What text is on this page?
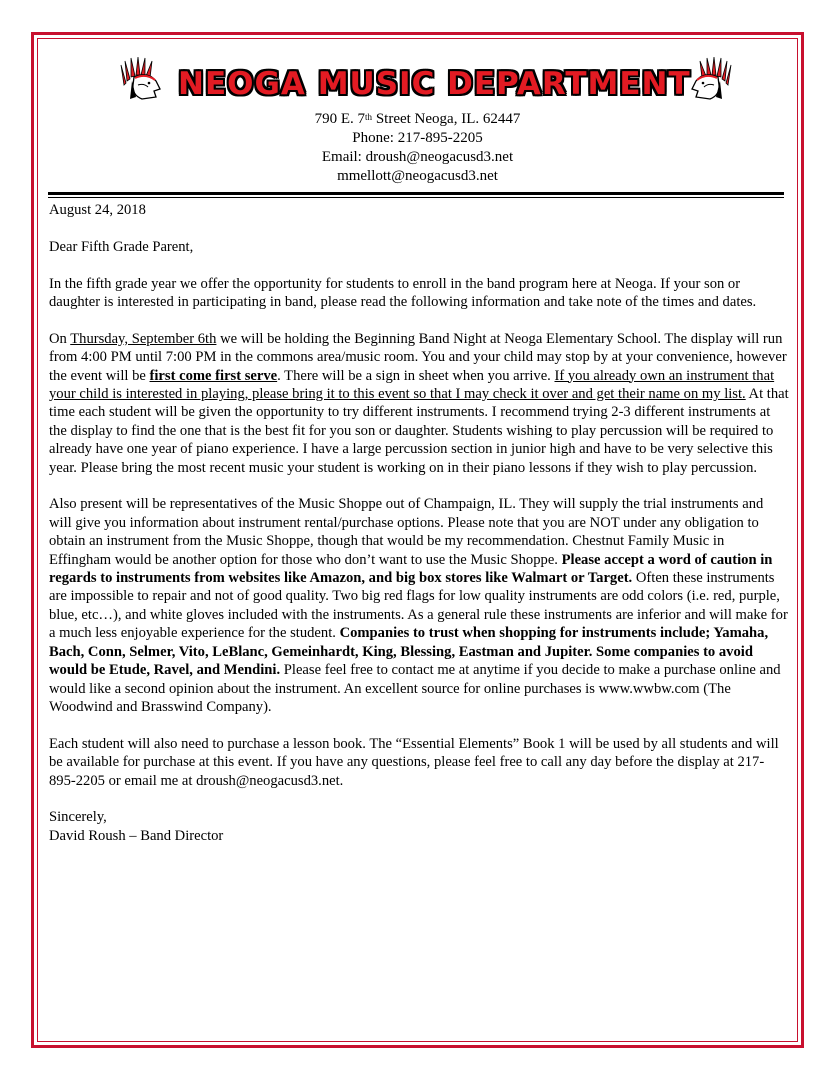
NEOGA MUSIC DEPARTMENT
790 E. 7th Street Neoga, IL. 62447
Phone: 217-895-2205
Email: droush@neogacusd3.net
mmellott@neogacusd3.net

August 24, 2018

Dear Fifth Grade Parent,

In the fifth grade year we offer the opportunity for students to enroll in the band program here at Neoga. If your son or daughter is interested in participating in band, please read the following information and take note of the times and dates.

On Thursday, September 6th we will be holding the Beginning Band Night at Neoga Elementary School. The display will run from 4:00 PM until 7:00 PM in the commons area/music room. You and your child may stop by at your convenience, however the event will be first come first serve. There will be a sign in sheet when you arrive. If you already own an instrument that your child is interested in playing, please bring it to this event so that I may check it over and get their name on my list. At that time each student will be given the opportunity to try different instruments. I recommend trying 2-3 different instruments at the display to find the one that is the best fit for you son or daughter. Students wishing to play percussion will be required to already have one year of piano experience. I have a large percussion section in junior high and have to be very selective this year. Please bring the most recent music your student is working on in their piano lessons if they wish to play percussion.

Also present will be representatives of the Music Shoppe out of Champaign, IL. They will supply the trial instruments and will give you information about instrument rental/purchase options. Please note that you are NOT under any obligation to obtain an instrument from the Music Shoppe, though that would be my recommendation. Chestnut Family Music in Effingham would be another option for those who don’t want to use the Music Shoppe. Please accept a word of caution in regards to instruments from websites like Amazon, and big box stores like Walmart or Target. Often these instruments are impossible to repair and not of good quality. Two big red flags for low quality instruments are odd colors (i.e. red, purple, blue, etc…), and white gloves included with the instruments. As a general rule these instruments are inferior and will make for a much less enjoyable experience for the student. Companies to trust when shopping for instruments include; Yamaha, Bach, Conn, Selmer, Vito, LeBlanc, Gemeinhardt, King, Blessing, Eastman and Jupiter. Some companies to avoid would be Etude, Ravel, and Mendini. Please feel free to contact me at anytime if you decide to make a purchase online and would like a second opinion about the instrument. An excellent source for online purchases is www.wwbw.com (The Woodwind and Brasswind Company).

Each student will also need to purchase a lesson book. The “Essential Elements” Book 1 will be used by all students and will be available for purchase at this event. If you have any questions, please feel free to call any day before the display at 217-895-2205 or email me at droush@neogacusd3.net.

Sincerely,

David Roush – Band Director
